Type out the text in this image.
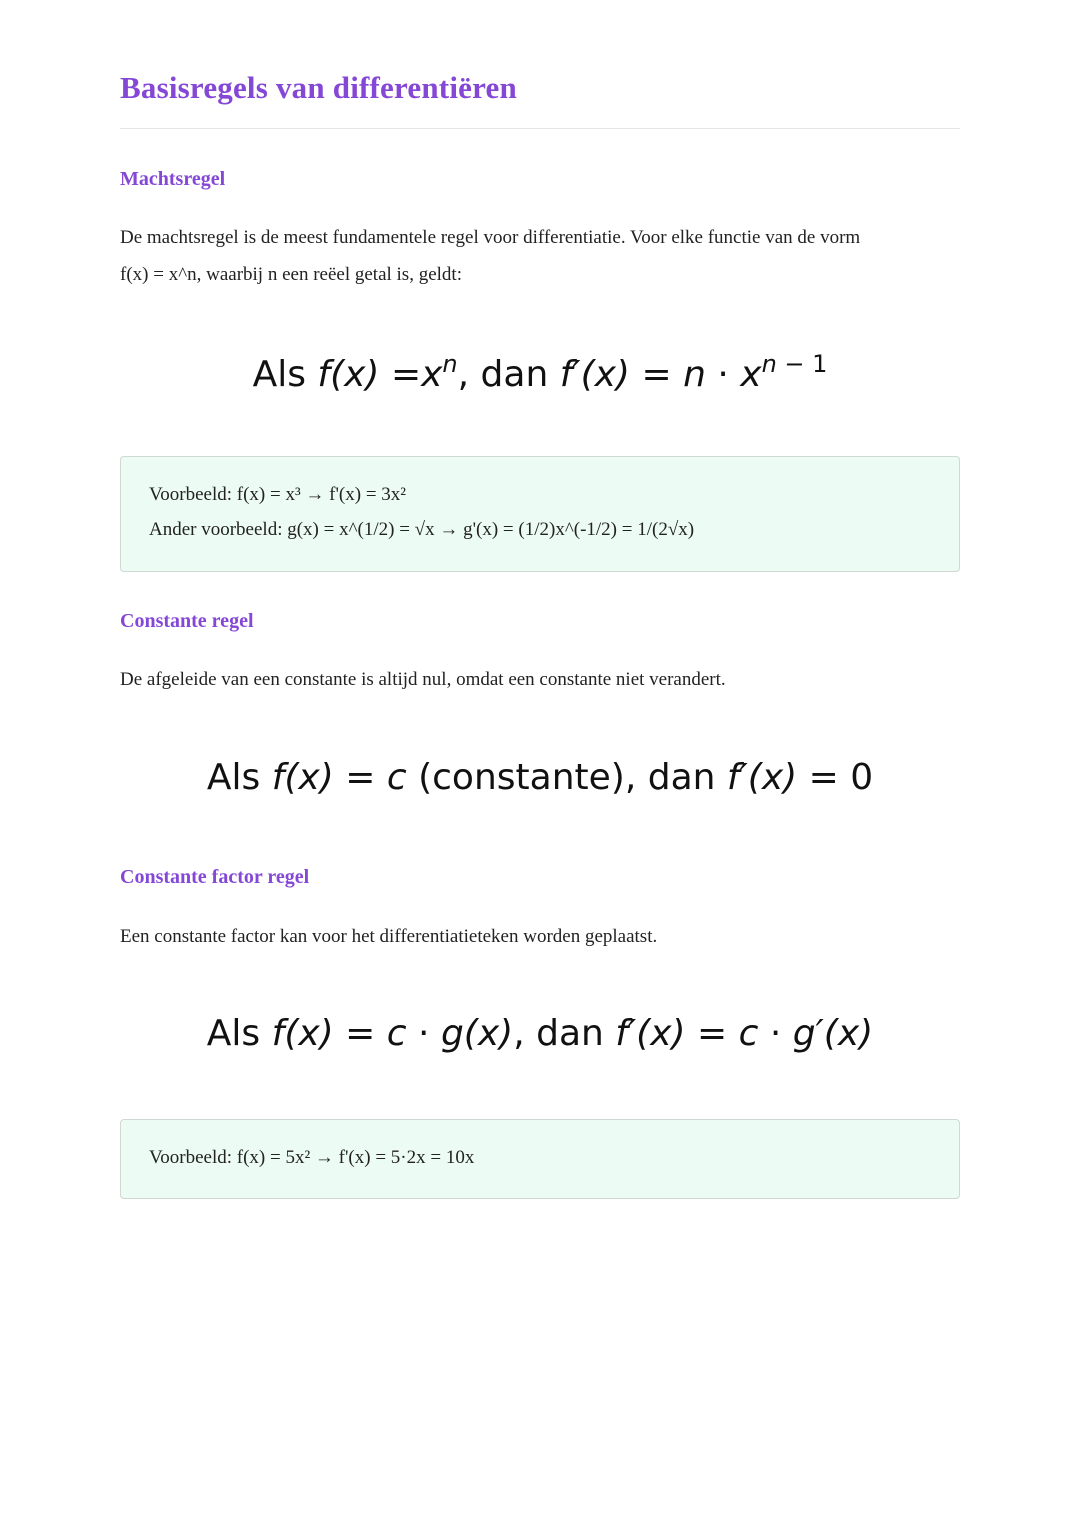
Basisregels van differentiëren
Machtsregel

De machtsregel is de meest fundamentele regel voor differentiatie. Voor elke functie van de vorm
f(x) = x^n, waarbij n een reëel getal is, geldt:

Als $f(x) =x^n$, dan $f'(x) = n \cdot x^{n - 1}$
Voorbeeld: f(x) = x³ → f'(x) = 3x²
Ander voorbeeld: g(x) = x^(1/2) = √x → g'(x) = (1/2)x^(-1/2) = 1/(2√x)
Constante regel

De afgeleide van een constante is altijd nul, omdat een constante niet verandert.

Als f(x) = c (constante), dan f′(x) = 0
Constante factor regel

Een constante factor kan voor het differentiatieteken worden geplaatst.

Als f(x) = c · g(x), dan f′(x) = c · g′(x)
Voorbeeld: f(x) = 5x² → f'(x) = 5·2x = 10x
